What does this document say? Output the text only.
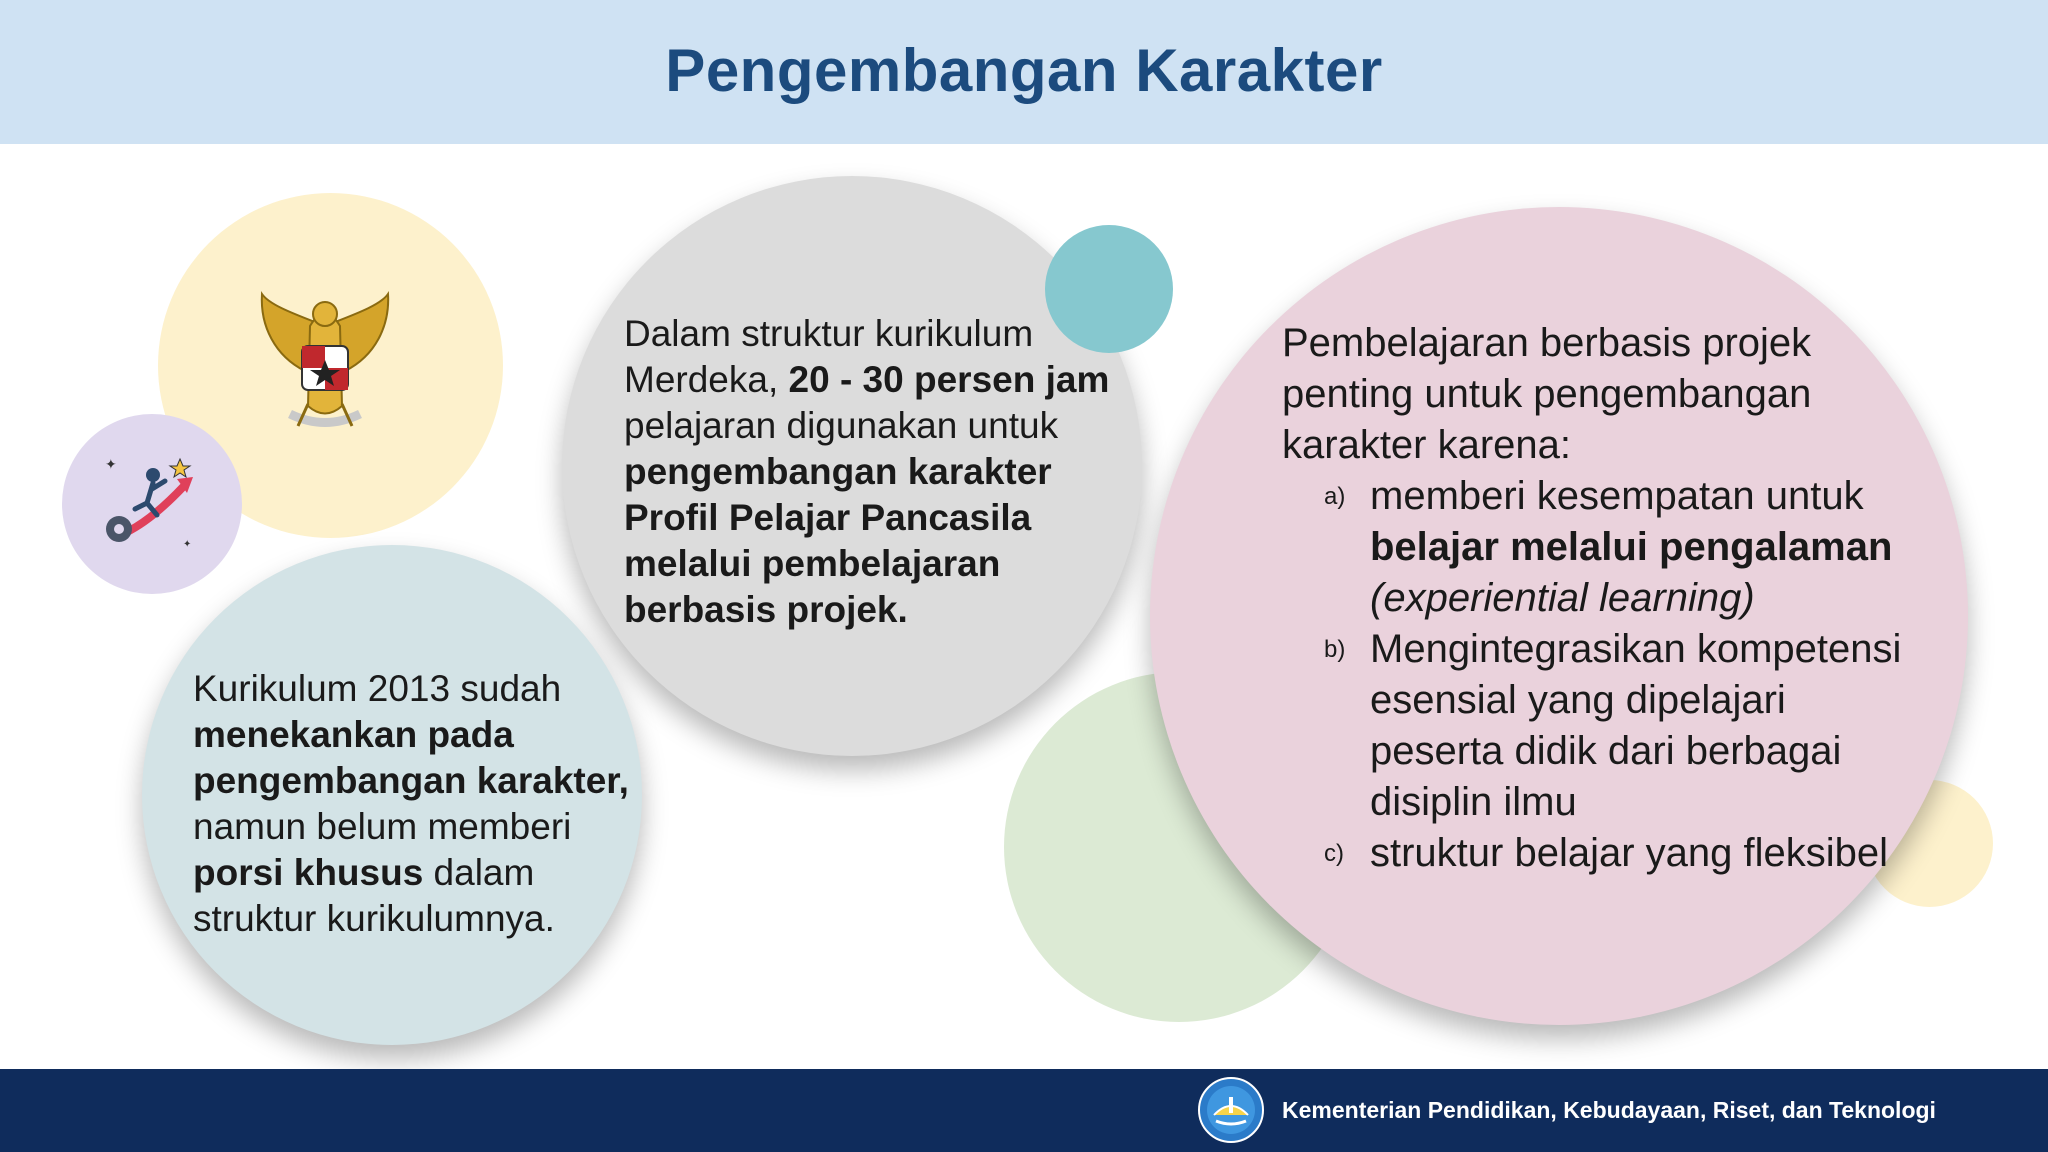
Pengembangan Karakter
✦
✦
Dalam struktur kurikulum Merdeka, 20 - 30 persen jam pelajaran digunakan untuk pengembangan karakter Profil Pelajar Pancasila melalui pembelajaran berbasis projek.
Kurikulum 2013 sudah menekankan pada pengembangan karakter, namun belum memberi porsi khusus dalam struktur kurikulumnya.
Pembelajaran berbasis projek penting untuk pengembangan karakter karena:
a) memberi kesempatan untuk belajar melalui pengalaman (experiential learning)
b) Mengintegrasikan kompetensi esensial yang dipelajari peserta didik dari berbagai disiplin ilmu
c) struktur belajar yang fleksibel
Kementerian Pendidikan, Kebudayaan, Riset, dan Teknologi
